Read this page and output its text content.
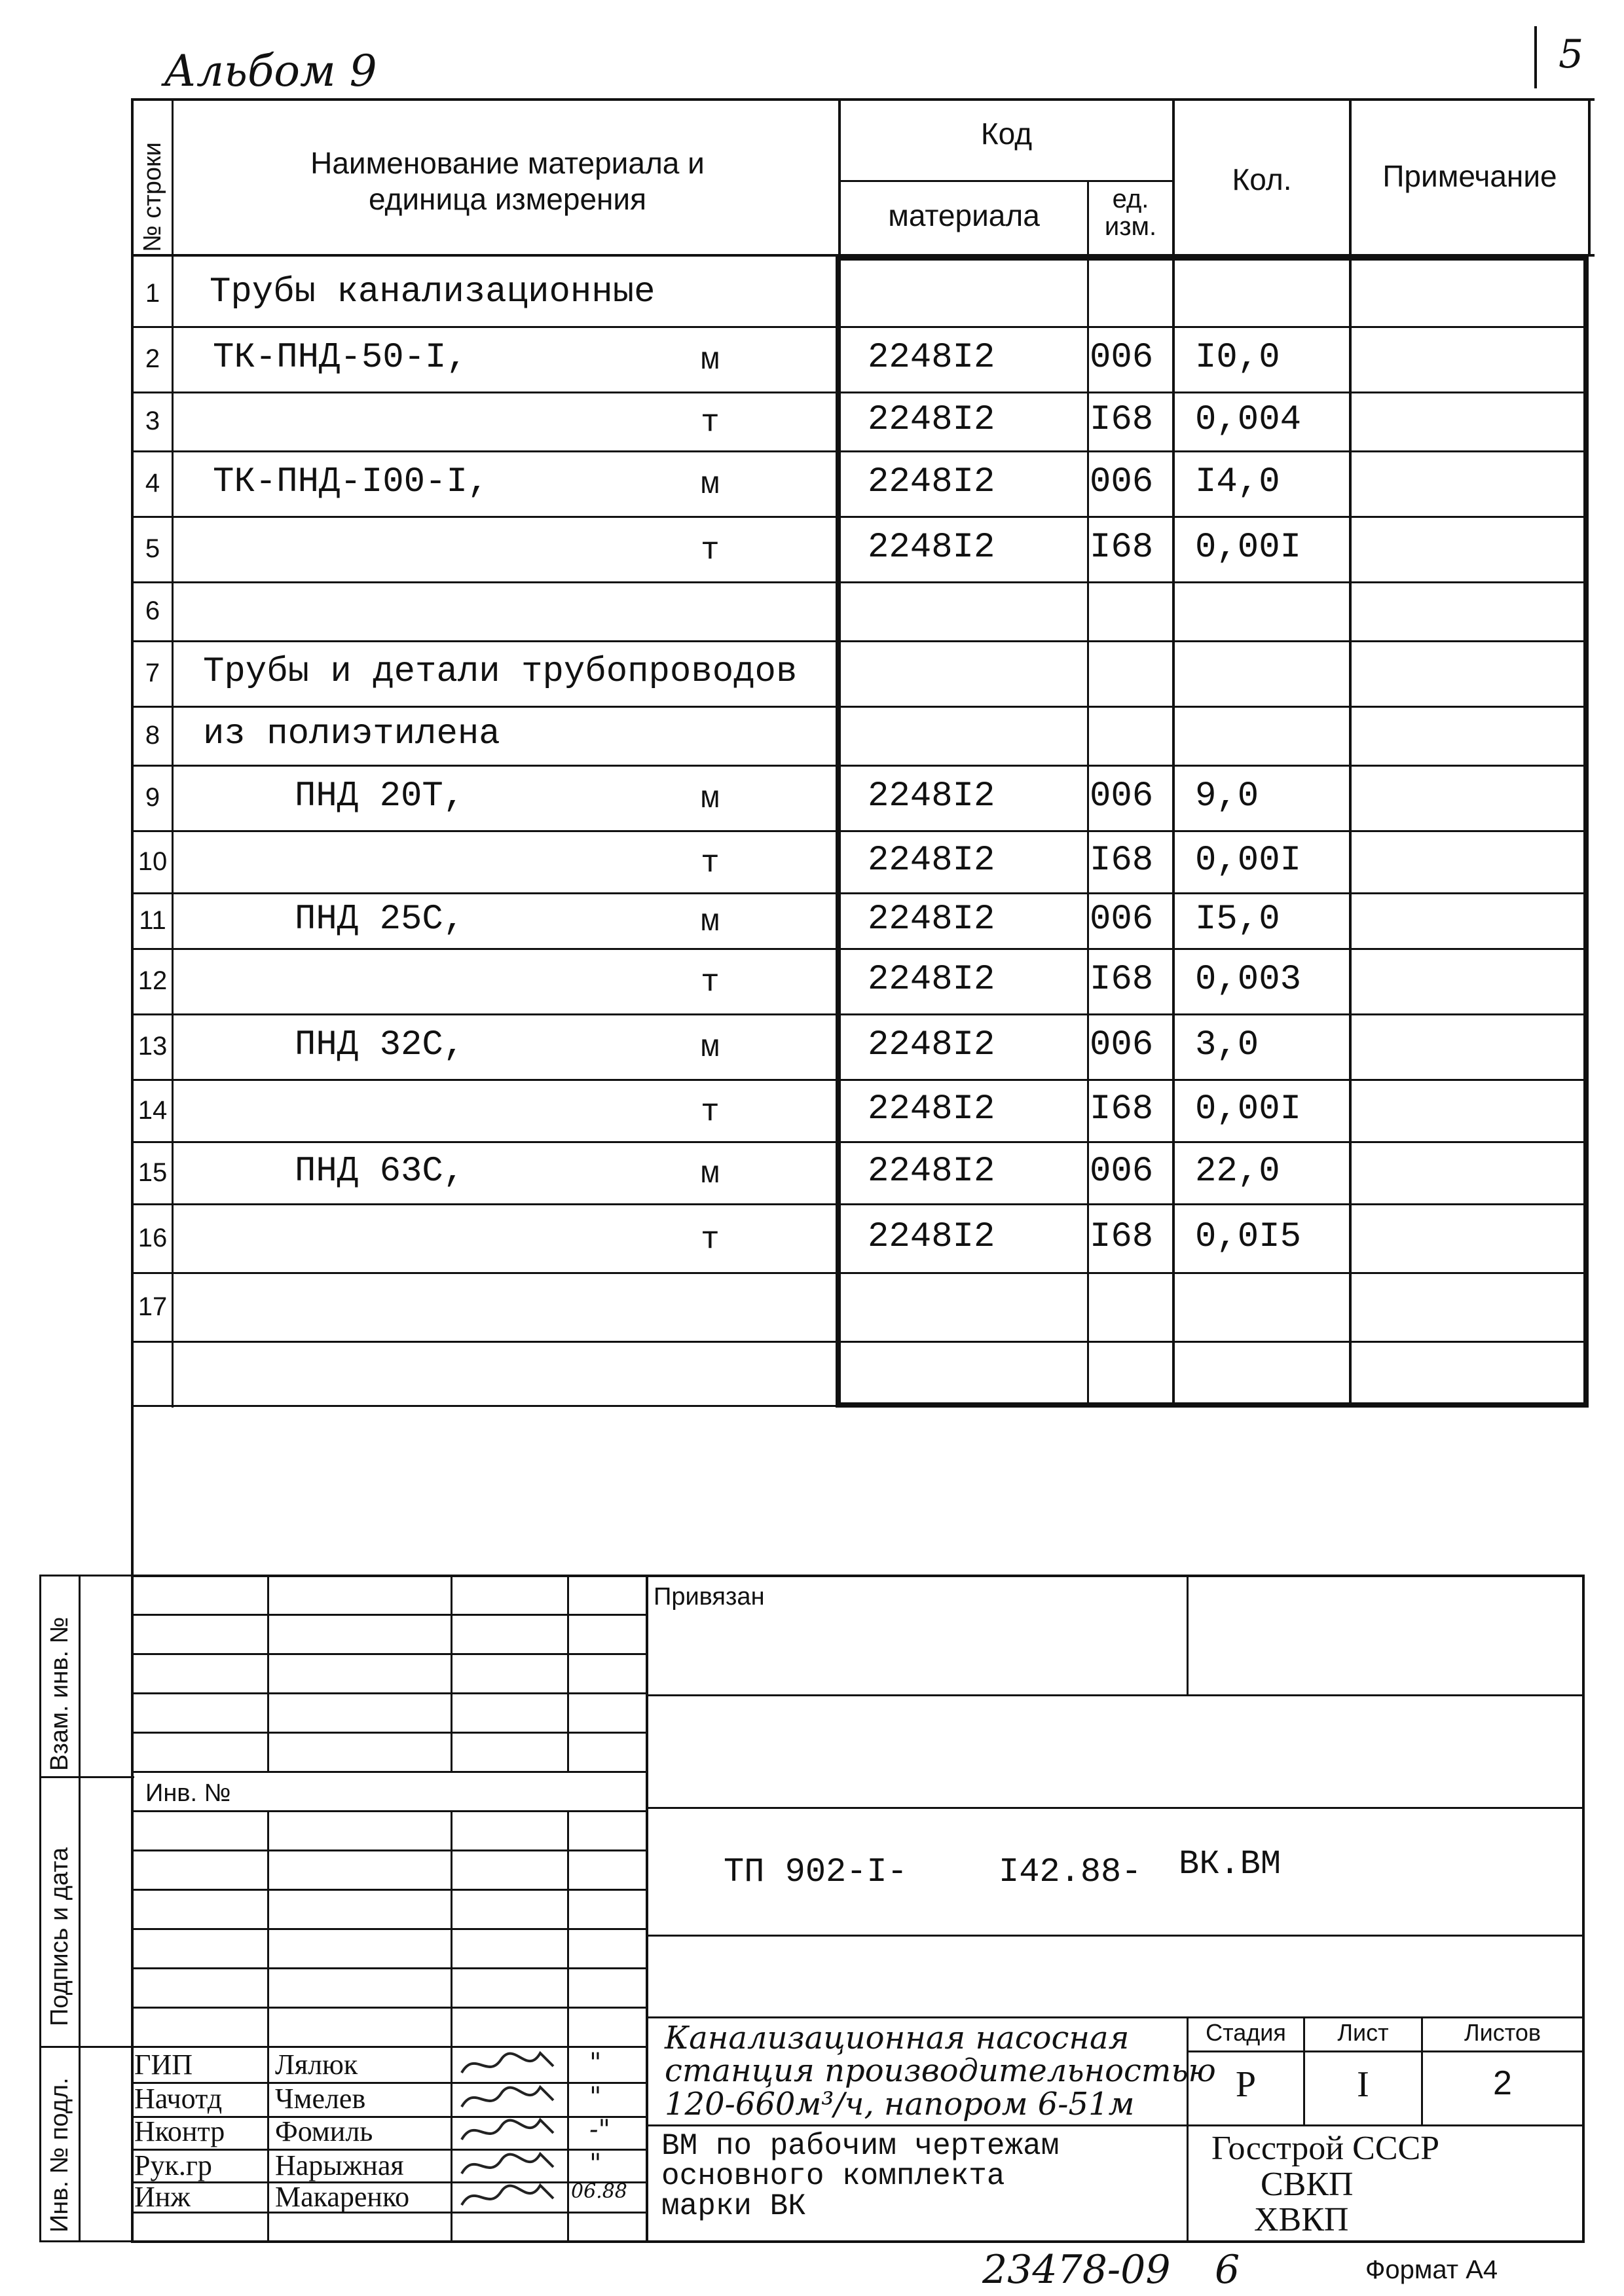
Альбом 9	5
№ строки	Наименование материала и
единица измерения
Код
материала	ед.
изм.
Кол.	Примечание
1	Трубы канализационные
2	ТК-ПНД-50-I,	м	2248I2	006 I0,0
3	т	2248I2	I68 0,004
4	ТК-ПНД-I00-I,	м	2248I2	006 I4,0
5	т	2248I2	I68 0,00I
6
7	Трубы и детали трубопроводов
8	из полиэтилена
9	ПНД 20Т,	м	2248I2	006 9,0
10	т	2248I2	I68 0,00I
11	ПНД 25С,	м	2248I2	006 I5,0
12	т	2248I2	I68 0,003
13	ПНД 32С,	м	2248I2	006 3,0
14	т	2248I2	I68 0,00I
15	ПНД 63С,	м	2248I2	006 22,0
16	т	2248I2	I68 0,0I5
17
Взам. инв. №
Подпись и дата
Инв. № подл.
Инв. №
Привязан
ТП 902-I-	I42.88- ВК.ВМ
Стадия	Лист	Листов
Р	I	2
Канализационная насосная
станция производительностью
120-660м³/ч, напором 6-51м
ВМ по рабочим чертежам
основного комплекта
марки ВК
Госстрой СССР
СВКП
ХВКП
ГИП	Лялюк	"
Начотд Чмелев	"
Нконтр Фомиль	-"
Рук.гр Нарыжная	"
Инж	Макаренко	06.88
23478-09 6	Формат А4
